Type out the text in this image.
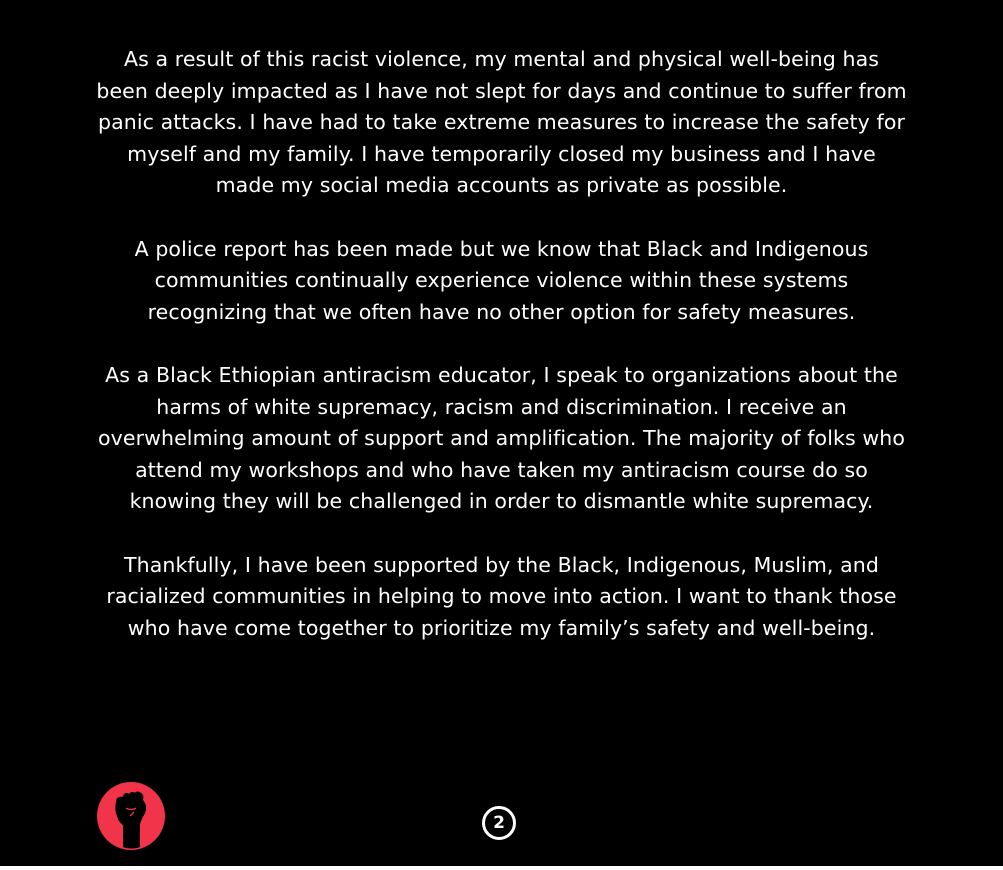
As a result of this racist violence, my mental and physical well-being has been deeply impacted as I have not slept for days and continue to suffer from panic attacks. I have had to take extreme measures to increase the safety for myself and my family. I have temporarily closed my business and I have made my social media accounts as private as possible.

A police report has been made but we know that Black and Indigenous communities continually experience violence within these systems recognizing that we often have no other option for safety measures.

As a Black Ethiopian antiracism educator, I speak to organizations about the harms of white supremacy, racism and discrimination. I receive an overwhelming amount of support and amplification. The majority of folks who attend my workshops and who have taken my antiracism course do so knowing they will be challenged in order to dismantle white supremacy.

Thankfully, I have been supported by the Black, Indigenous, Muslim, and racialized communities in helping to move into action. I want to thank those who have come together to prioritize my family’s safety and well-being.

2
